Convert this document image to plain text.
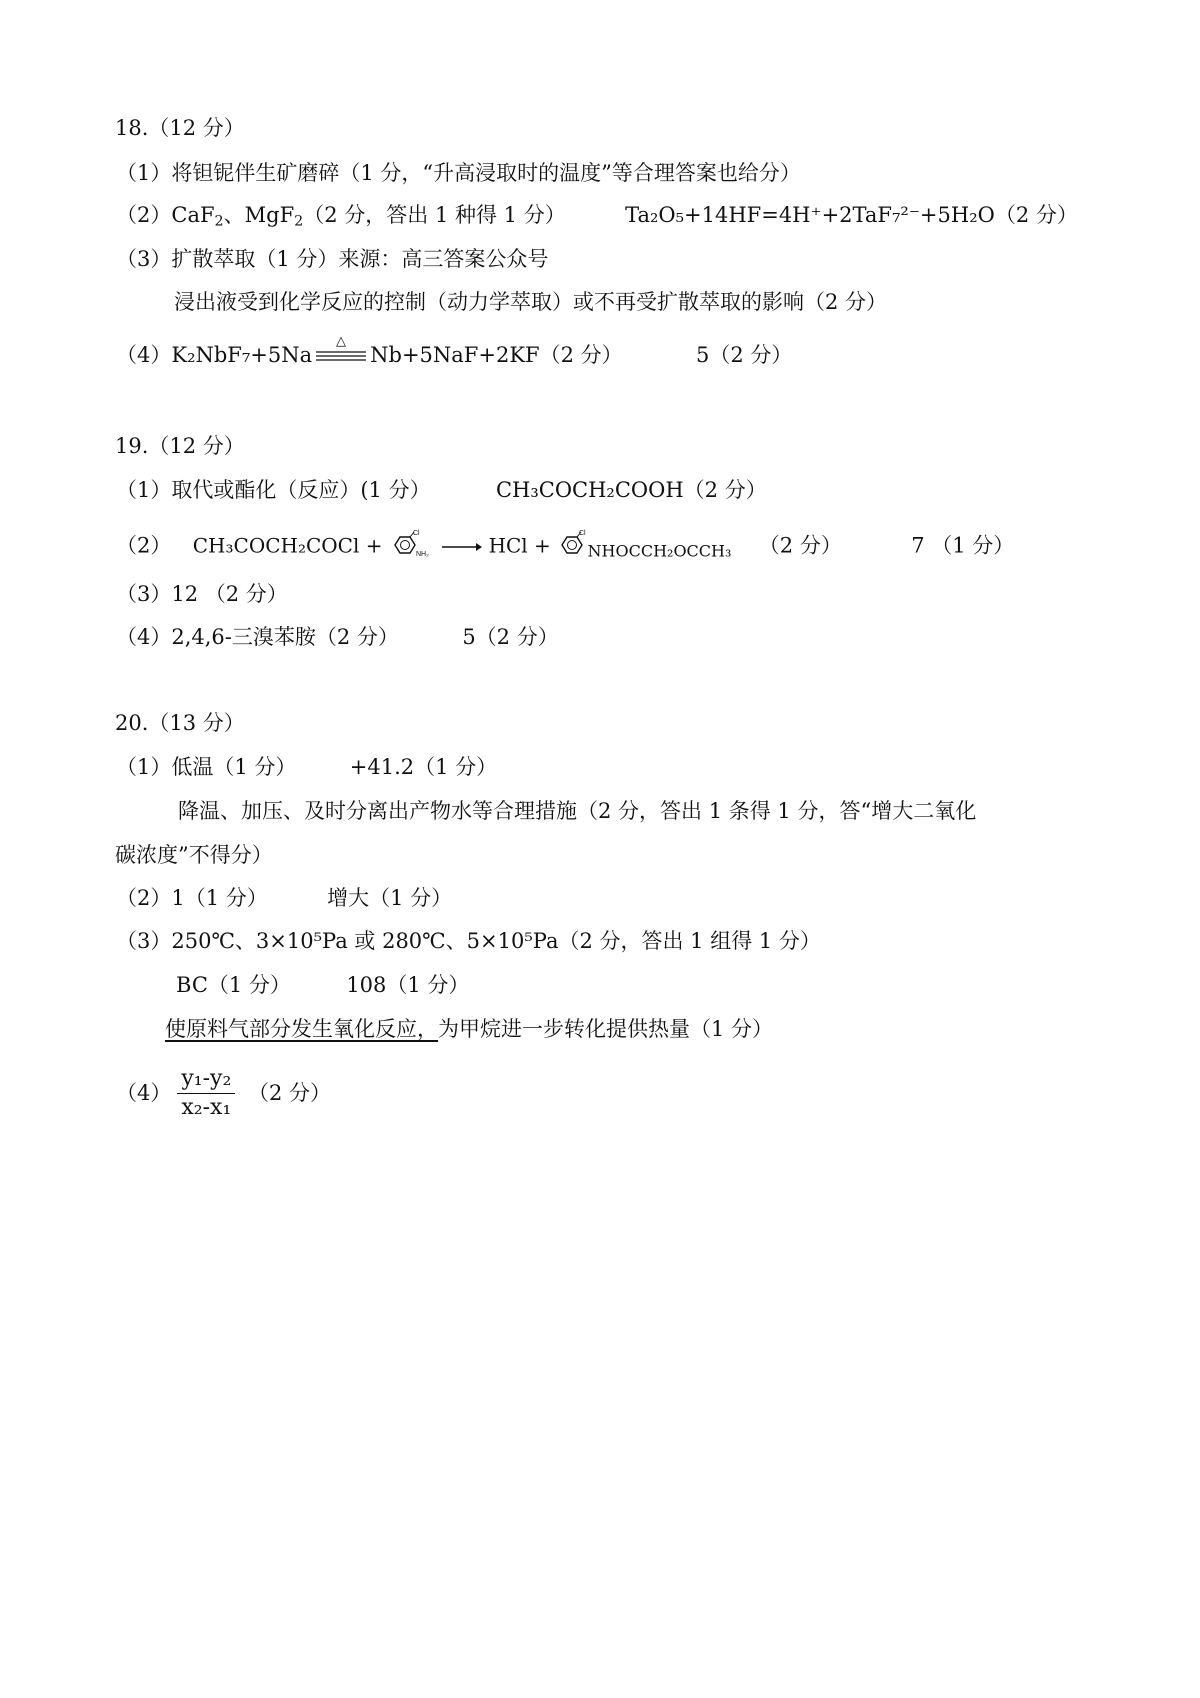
18.（12 分）
（1）将钽铌伴生矿磨碎（1 分，“升高浸取时的温度”等合理答案也给分）
（2）CaF$_2$、MgF$_2$（2 分，答出 1 种得 1 分）	Ta₂O₅+14HF=4H⁺+2TaF₇²⁻+5H₂O（2 分）
（3）扩散萃取（1 分）来源：高三答案公众号
浸出液受到化学反应的控制（动力学萃取）或不再受扩散萃取的影响（2 分）
（4）K₂NbF₇+5Na
△
Nb+5NaF+2KF（2 分）	5（2 分）
19.（12 分）
（1）取代或酯化（反应）(1 分）	CH₃COCH₂COOH（2 分）
（2） CH₃COCH₂COCl +	Cl
NH₂ → HCl +	Cl
NHOCCH₂OCCH₃ （2 分）	7 （1 分）
（3）12 （2 分）
（4）2,4,6-三溴苯胺（2 分）	5（2 分）
20.（13 分）
（1）低温（1 分）	+41.2（1 分）
降温、加压、及时分离出产物水等合理措施（2 分，答出 1 条得 1 分，答“增大二氧化
碳浓度”不得分）
（2）1（1 分）	增大（1 分）
（3）250℃、3×10⁵Pa 或 280℃、5×10⁵Pa（2 分，答出 1 组得 1 分）
BC（1 分）	108（1 分）
使原料气部分发生氧化反应，为甲烷进一步转化提供热量（1 分）
$(4) \frac{\text{y₁-y₂}}{\text{x₂-x₁}} (2$ 分）
